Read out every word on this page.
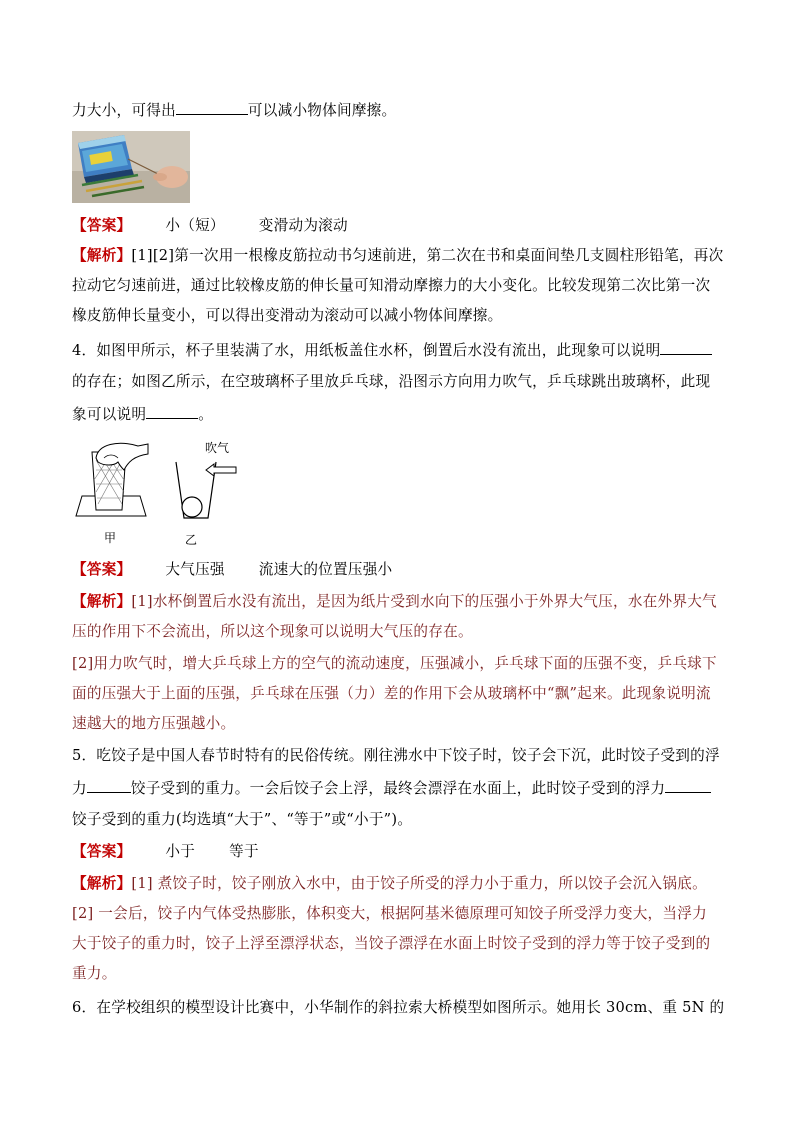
力大小，可得出	可以减小物体间摩擦。
【答案】 小（短） 变滑动为滚动
【解析】[1][2]第一次用一根橡皮筋拉动书匀速前进，第二次在书和桌面间垫几支圆柱形铅笔，再次
拉动它匀速前进，通过比较橡皮筋的伸长量可知滑动摩擦力的大小变化。比较发现第二次比第一次
橡皮筋伸长量变小，可以得出变滑动为滚动可以减小物体间摩擦。
4．如图甲所示，杯子里装满了水，用纸板盖住水杯，倒置后水没有流出，此现象可以说明
的存在；如图乙所示，在空玻璃杯子里放乒乓球，沿图示方向用力吹气，乒乓球跳出玻璃杯，此现
象可以说明	。
甲
吹气
乙
【答案】 大气压强 流速大的位置压强小
【解析】[1]水杯倒置后水没有流出，是因为纸片受到水向下的压强小于外界大气压，水在外界大气
压的作用下不会流出，所以这个现象可以说明大气压的存在。
[2]用力吹气时，增大乒乓球上方的空气的流动速度，压强减小，乒乓球下面的压强不变，乒乓球下
面的压强大于上面的压强，乒乓球在压强（力）差的作用下会从玻璃杯中“飘”起来。此现象说明流
速越大的地方压强越小。
5．吃饺子是中国人春节时特有的民俗传统。刚往沸水中下饺子时，饺子会下沉，此时饺子受到的浮
力	饺子受到的重力。一会后饺子会上浮，最终会漂浮在水面上，此时饺子受到的浮力
饺子受到的重力(均选填“大于”、“等于”或“小于”)。
【答案】 小于 等于
【解析】[1] 煮饺子时，饺子刚放入水中，由于饺子所受的浮力小于重力，所以饺子会沉入锅底。
[2] 一会后，饺子内气体受热膨胀，体积变大，根据阿基米德原理可知饺子所受浮力变大，当浮力
大于饺子的重力时，饺子上浮至漂浮状态，当饺子漂浮在水面上时饺子受到的浮力等于饺子受到的
重力。
6．在学校组织的模型设计比赛中，小华制作的斜拉索大桥模型如图所示。她用长 30cm、重 5N 的
